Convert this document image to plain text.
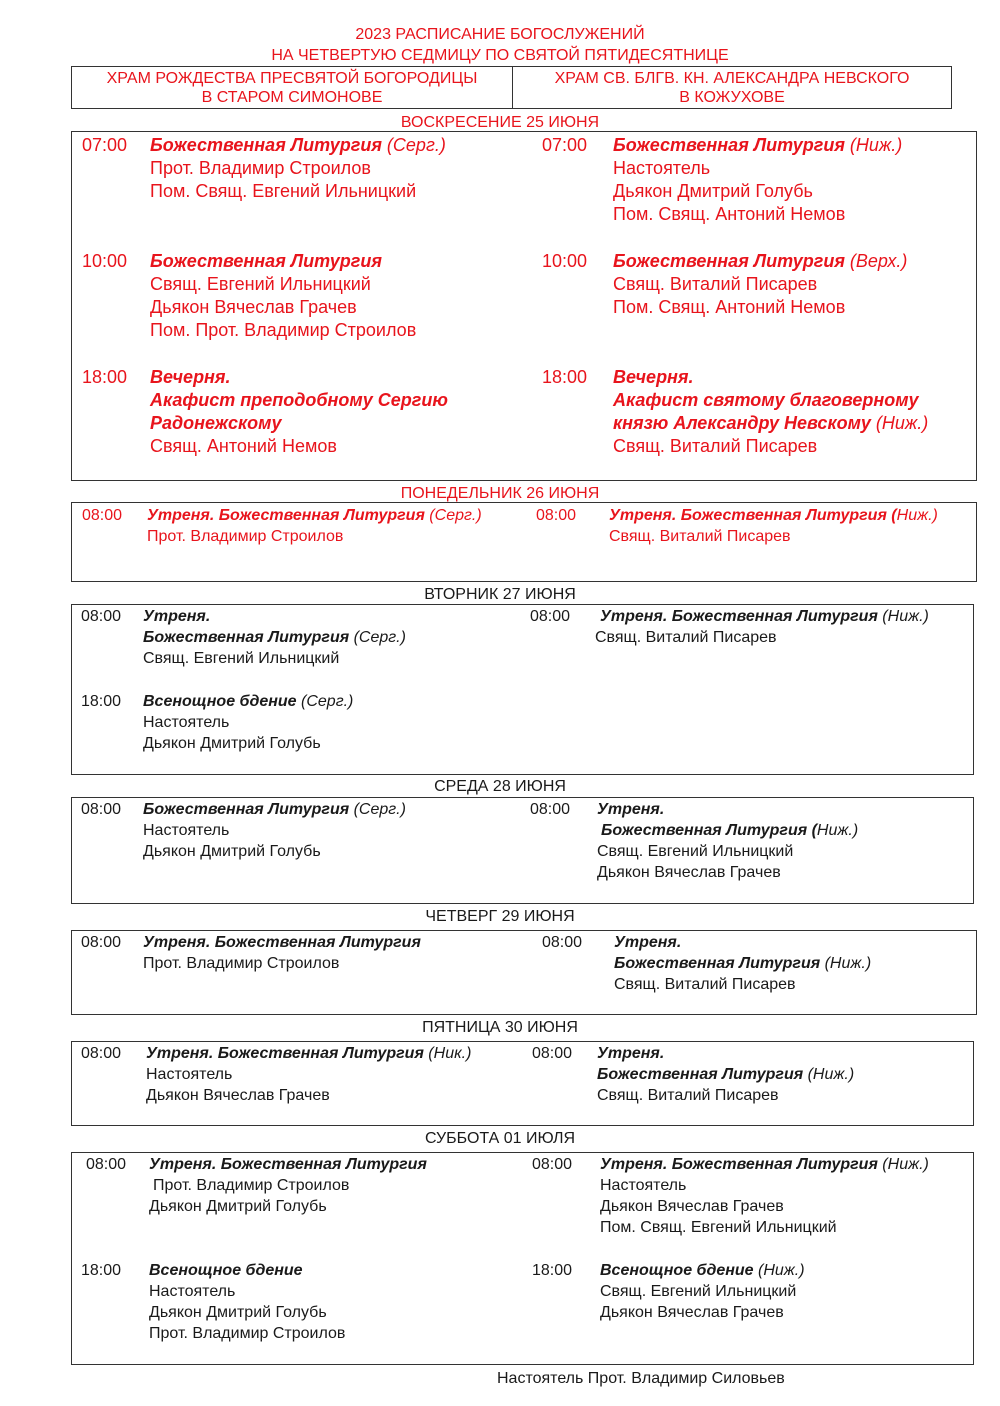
2023 РАСПИСАНИЕ БОГОСЛУЖЕНИЙ
НА ЧЕТВЕРТУЮ СЕДМИЦУ ПО СВЯТОЙ ПЯТИДЕСЯТНИЦЕ
ХРАМ РОЖДЕСТВА ПРЕСВЯТОЙ БОГОРОДИЦЫ
В СТАРОМ СИМОНОВЕ
ХРАМ СВ. БЛГВ. КН. АЛЕКСАНДРА НЕВСКОГО
В КОЖУХОВЕ
ВОСКРЕСЕНИЕ 25 ИЮНЯ
07:00 Божественная Литургия (Серг.)
Прот. Владимир Строилов
Пом. Свящ. Евгений Ильницкий
10:00 Божественная Литургия
Свящ. Евгений Ильницкий
Дьякон Вячеслав Грачев
Пом. Прот. Владимир Строилов
18:00 Вечерня.
Акафист преподобному Сергию
Радонежскому
Свящ. Антоний Немов
07:00 Божественная Литургия (Ниж.)
Настоятель
Дьякон Дмитрий Голубь
Пом. Свящ. Антоний Немов
10:00 Божественная Литургия (Верх.)
Свящ. Виталий Писарев
Пом. Свящ. Антоний Немов
18:00 Вечерня.
Акафист святому благоверному
князю Александру Невскому (Ниж.)
Свящ. Виталий Писарев
ПОНЕДЕЛЬНИК 26 ИЮНЯ
08:00 Утреня. Божественная Литургия (Серг.)
Прот. Владимир Строилов
08:00 Утреня. Божественная Литургия (Ниж.)
Свящ. Виталий Писарев
ВТОРНИК 27 ИЮНЯ
08:00 Утреня.
Божественная Литургия (Серг.)
Свящ. Евгений Ильницкий
18:00 Всенощное бдение (Серг.)
Настоятель
Дьякон Дмитрий Голубь
08:00 Утреня. Божественная Литургия (Ниж.)
Свящ. Виталий Писарев
СРЕДА 28 ИЮНЯ
08:00 Божественная Литургия (Серг.)
Настоятель
Дьякон Дмитрий Голубь
08:00 Утреня.
Божественная Литургия (Ниж.)
Свящ. Евгений Ильницкий
Дьякон Вячеслав Грачев
ЧЕТВЕРГ 29 ИЮНЯ
08:00 Утреня. Божественная Литургия
Прот. Владимир Строилов
08:00 Утреня.
Божественная Литургия (Ниж.)
Свящ. Виталий Писарев
ПЯТНИЦА 30 ИЮНЯ
08:00 Утреня. Божественная Литургия (Ник.)
Настоятель
Дьякон Вячеслав Грачев
08:00 Утреня.
Божественная Литургия (Ниж.)
Свящ. Виталий Писарев
СУББОТА 01 ИЮЛЯ
08:00 Утреня. Божественная Литургия
Прот. Владимир Строилов
Дьякон Дмитрий Голубь
18:00 Всенощное бдение
Настоятель
Дьякон Дмитрий Голубь
Прот. Владимир Строилов
08:00 Утреня. Божественная Литургия (Ниж.)
Настоятель
Дьякон Вячеслав Грачев
Пом. Свящ. Евгений Ильницкий
18:00 Всенощное бдение (Ниж.)
Свящ. Евгений Ильницкий
Дьякон Вячеслав Грачев
Настоятель Прот. Владимир Силовьев
